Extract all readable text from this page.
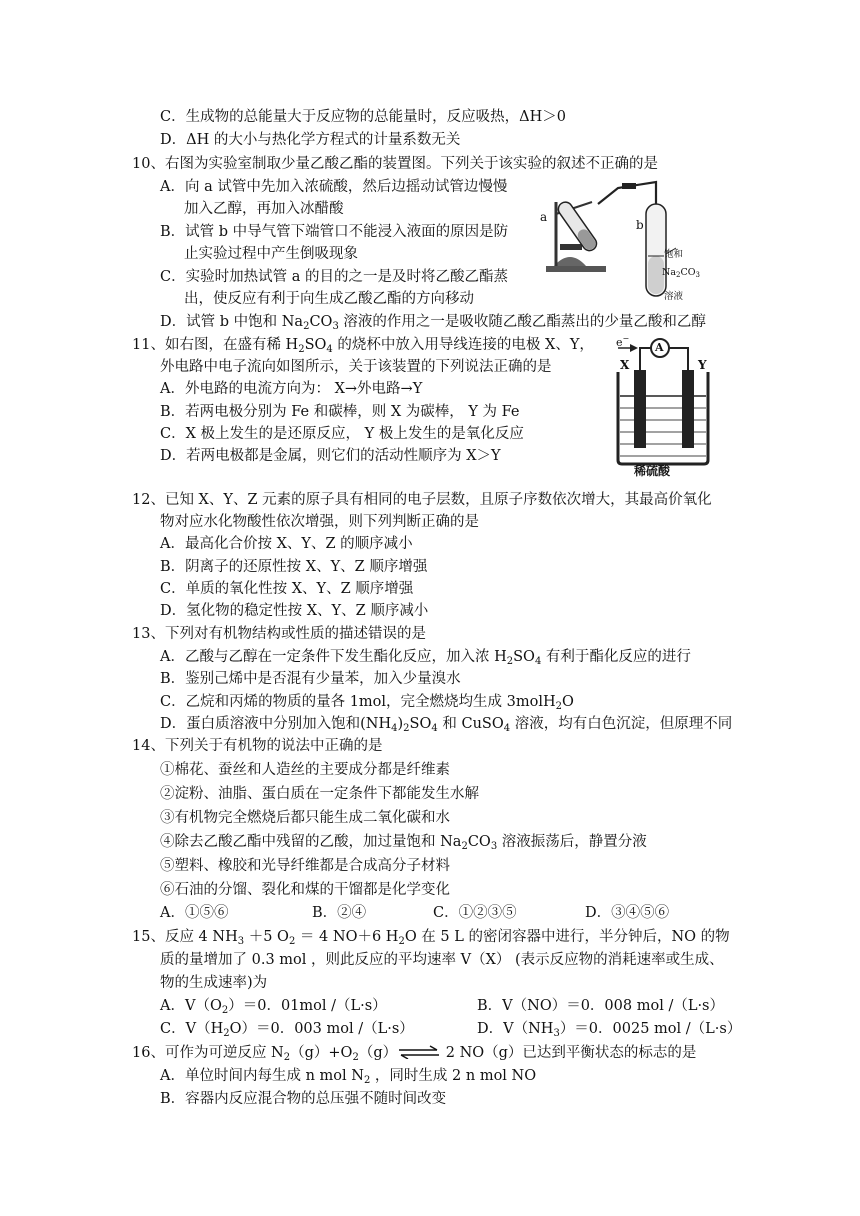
C．生成物的总能量大于反应物的总能量时，反应吸热，ΔH＞0
D．ΔH 的大小与热化学方程式的计量系数无关
10、右图为实验室制取少量乙酸乙酯的装置图。下列关于该实验的叙述不正确的是
A．向 a 试管中先加入浓硫酸，然后边摇动试管边慢慢
加入乙醇，再加入冰醋酸
B．试管 b 中导气管下端管口不能浸入液面的原因是防
止实验过程中产生倒吸现象
C．实验时加热试管 a 的目的之一是及时将乙酸乙酯蒸
出，使反应有利于向生成乙酸乙酯的方向移动
D．试管 b 中饱和 $Na_2CO_3$ 溶液的作用之一是吸收随乙酸乙酯蒸出的少量乙酸和乙醇
a
b
饱和
$Na_2CO_3$
溶液
11、如右图，在盛有稀 $H_2SO_4$ 的烧杯中放入用导线连接的电极 X、Y，
外电路中电子流向如图所示，关于该装置的下列说法正确的是
A．外电路的电流方向为： X→外电路→Y
B．若两电极分别为 Fe 和碳棒，则 X 为碳棒， Y 为 Fe
C．X 极上发生的是还原反应， Y 极上发生的是氧化反应
D．若两电极都是金属，则它们的活动性顺序为 X＞Y
e−
A
X	Y
稀硫酸
12、已知 X、Y、Z 元素的原子具有相同的电子层数，且原子序数依次增大，其最高价氧化
物对应水化物酸性依次增强，则下列判断正确的是
A．最高化合价按 X、Y、Z 的顺序减小
B．阴离子的还原性按 X、Y、Z 顺序增强
C．单质的氧化性按 X、Y、Z 顺序增强
D．氢化物的稳定性按 X、Y、Z 顺序减小
13、下列对有机物结构或性质的描述错误的是
A．乙酸与乙醇在一定条件下发生酯化反应，加入浓 $H_2SO_4$ 有利于酯化反应的进行
B．鉴别己烯中是否混有少量苯，加入少量溴水
C．乙烷和丙烯的物质的量各 1mol，完全燃烧均生成 3molH$_2$O
D．蛋白质溶液中分别加入饱和$(NH_4)_2SO_4$ 和 CuSO$_4$ 溶液，均有白色沉淀，但原理不同
14、下列关于有机物的说法中正确的是
①棉花、蚕丝和人造丝的主要成分都是纤维素
②淀粉、油脂、蛋白质在一定条件下都能发生水解
③有机物完全燃烧后都只能生成二氧化碳和水
④除去乙酸乙酯中残留的乙酸，加过量饱和 $Na_2CO_3$ 溶液振荡后，静置分液
⑤塑料、橡胶和光导纤维都是合成高分子材料
⑥石油的分馏、裂化和煤的干馏都是化学变化
A．①⑤⑥	B．②④	C．①②③⑤	D．③④⑤⑥
15、反应 4 $NH_3 +5$ $O_2 = 4$ NO＋6 $H_2O$ 在 5 L 的密闭容器中进行，半分钟后，NO 的物
质的量增加了 0.3 mol ，则此反应的平均速率 V（X） (表示反应物的消耗速率或生成、
物的生成速率)为
A．$V(O_2)=0$．01mol /（L·s）	B．V（NO）＝0．008 mol /（L·s）
C．$V(H_2O)=0$．003 mol /（L·s）	D．$V(NH_3)=0$．0025 mol /（L·s）
16、可作为可逆反应 $N_2(g)+O_2(g)\rightleftharpoons$ 2 NO（g）已达到平衡状态的标志的是
A．单位时间内每生成 n mol $N_2$ ，同时生成 2 n mol NO
B．容器内反应混合物的总压强不随时间改变
